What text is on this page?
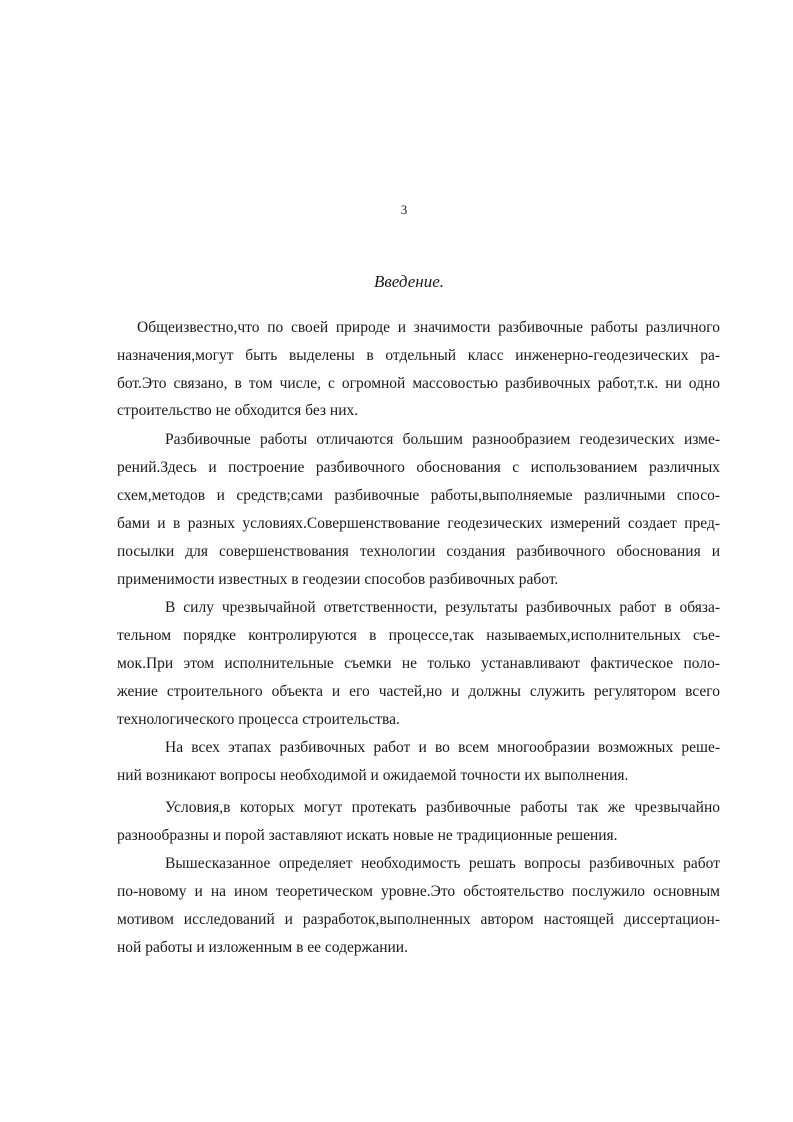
3
Введение.
Общеизвестно,что по своей природе и значимости разбивочные работы различного
назначения,могут быть выделены в отдельный класс инженерно-геодезических ра-
бот.Это связано, в том числе, с огромной массовостью разбивочных работ,т.к. ни одно
строительство не обходится без них.
Разбивочные работы отличаются большим разнообразием геодезических изме-
рений.Здесь и построение разбивочного обоснования с использованием различных
схем,методов и средств;сами разбивочные работы,выполняемые различными спосо-
бами и в разных условиях.Совершенствование геодезических измерений создает пред-
посылки для совершенствования технологии создания разбивочного обоснования и
применимости известных в геодезии способов разбивочных работ.
В силу чрезвычайной ответственности, результаты разбивочных работ в обяза-
тельном порядке контролируются в процессе,так называемых,исполнительных съе-
мок.При этом исполнительные съемки не только устанавливают фактическое поло-
жение строительного объекта и его частей,но и должны служить регулятором всего
технологического процесса строительства.
На всех этапах разбивочных работ и во всем многообразии возможных реше-
ний возникают вопросы необходимой и ожидаемой точности их выполнения.
Условия,в которых могут протекать разбивочные работы так же чрезвычайно
разнообразны и порой заставляют искать новые не традиционные решения.
Вышесказанное определяет необходимость решать вопросы разбивочных работ
по-новому и на ином теоретическом уровне.Это обстоятельство послужило основным
мотивом исследований и разработок,выполненных автором настоящей диссертацион-
ной работы и изложенным в ее содержании.
